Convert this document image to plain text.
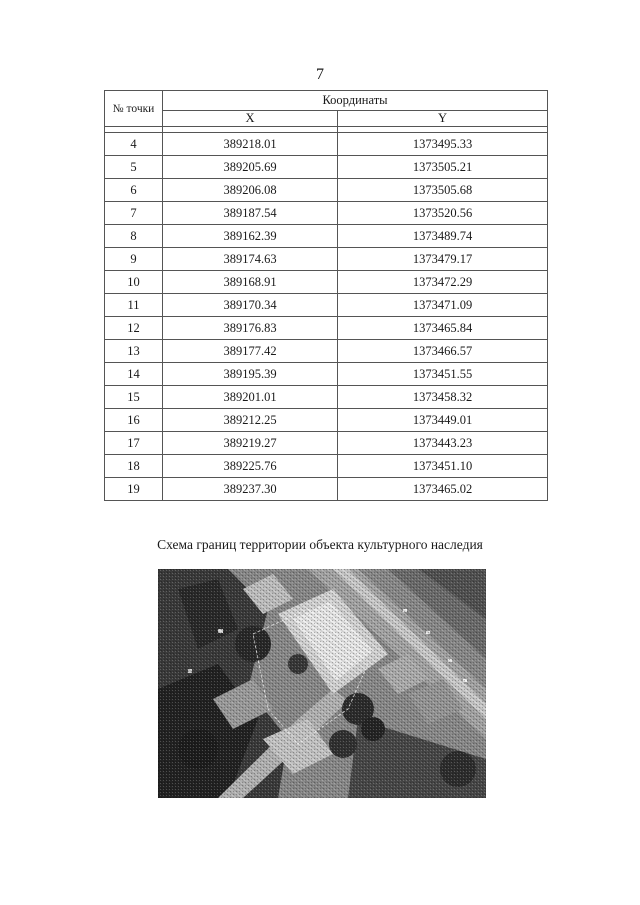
7
№ точки	Координаты	
	X	Y

4	389218.01	1373495.33
5	389205.69	1373505.21
6	389206.08	1373505.68
7	389187.54	1373520.56
8	389162.39	1373489.74
9	389174.63	1373479.17
10	389168.91	1373472.29
11	389170.34	1373471.09
12	389176.83	1373465.84
13	389177.42	1373466.57
14	389195.39	1373451.55
15	389201.01	1373458.32
16	389212.25	1373449.01
17	389219.27	1373443.23
18	389225.76	1373451.10
19	389237.30	1373465.02
Схема границ территории объекта культурного наследия
